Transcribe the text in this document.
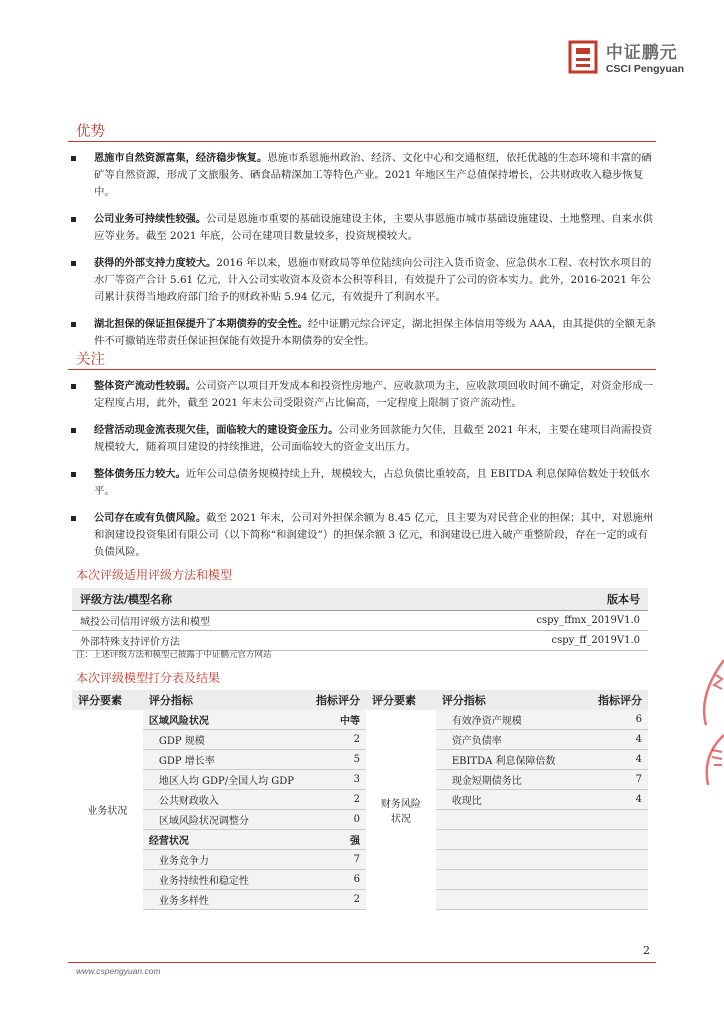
中证鹏元
CSCI Pengyuan
优势
恩施市自然资源富集，经济稳步恢复。恩施市系恩施州政治、经济、文化中心和交通枢纽，依托优越的生态环境和丰富的硒矿等自然资源，形成了文旅服务、硒食品精深加工等特色产业。2021 年地区生产总值保持增长，公共财政收入稳步恢复中。
公司业务可持续性较强。公司是恩施市重要的基础设施建设主体，主要从事恩施市城市基础设施建设、土地整理、自来水供应等业务。截至 2021 年底，公司在建项目数量较多，投资规模较大。
获得的外部支持力度较大。2016 年以来，恩施市财政局等单位陆续向公司注入货币资金、应急供水工程、农村饮水项目的水厂等资产合计 5.61 亿元，计入公司实收资本及资本公积等科目，有效提升了公司的资本实力。此外，2016-2021 年公司累计获得当地政府部门给予的财政补贴 5.94 亿元，有效提升了利润水平。
湖北担保的保证担保提升了本期债券的安全性。经中证鹏元综合评定，湖北担保主体信用等级为 AAA，由其提供的全额无条件不可撤销连带责任保证担保能有效提升本期债券的安全性。
关注
整体资产流动性较弱。公司资产以项目开发成本和投资性房地产、应收款项为主，应收款项回收时间不确定，对资金形成一定程度占用，此外，截至 2021 年末公司受限资产占比偏高，一定程度上限制了资产流动性。
经营活动现金流表现欠佳，面临较大的建设资金压力。公司业务回款能力欠佳，且截至 2021 年末，主要在建项目尚需投资规模较大，随着项目建设的持续推进，公司面临较大的资金支出压力。
整体债务压力较大。近年公司总债务规模持续上升，规模较大，占总负债比重较高，且 EBITDA 利息保障倍数处于较低水平。
公司存在或有负债风险。截至 2021 年末，公司对外担保余额为 8.45 亿元，且主要为对民营企业的担保；其中，对恩施州和润建设投资集团有限公司（以下简称“和润建设”）的担保余额 3 亿元，和润建设已进入破产重整阶段，存在一定的或有负债风险。
本次评级适用评级方法和模型
评级方法/模型名称	版本号
城投公司信用评级方法和模型	cspy_ffmx_2019V1.0
外部特殊支持评价方法	cspy_ff_2019V1.0
注：上述评级方法和模型已披露于中证鹏元官方网站
本次评级模型打分表及结果
评分要素	评分指标	指标评分	评分要素	评分指标	指标评分
业务状况	区域风险状况	中等	财务风险状况	有效净资产规模	6
	GDP 规模	2		资产负债率	4
	GDP 增长率	5		EBITDA 利息保障倍数	4
	地区人均 GDP/全国人均 GDP	3		现金短期债务比	7
	公共财政收入	2		收现比	4
	区域风险状况调整分	0			
	经营状况	强			
	业务竞争力	7			
	业务持续性和稳定性	6			
	业务多样性	2			
2
www.cspengyuan.com
